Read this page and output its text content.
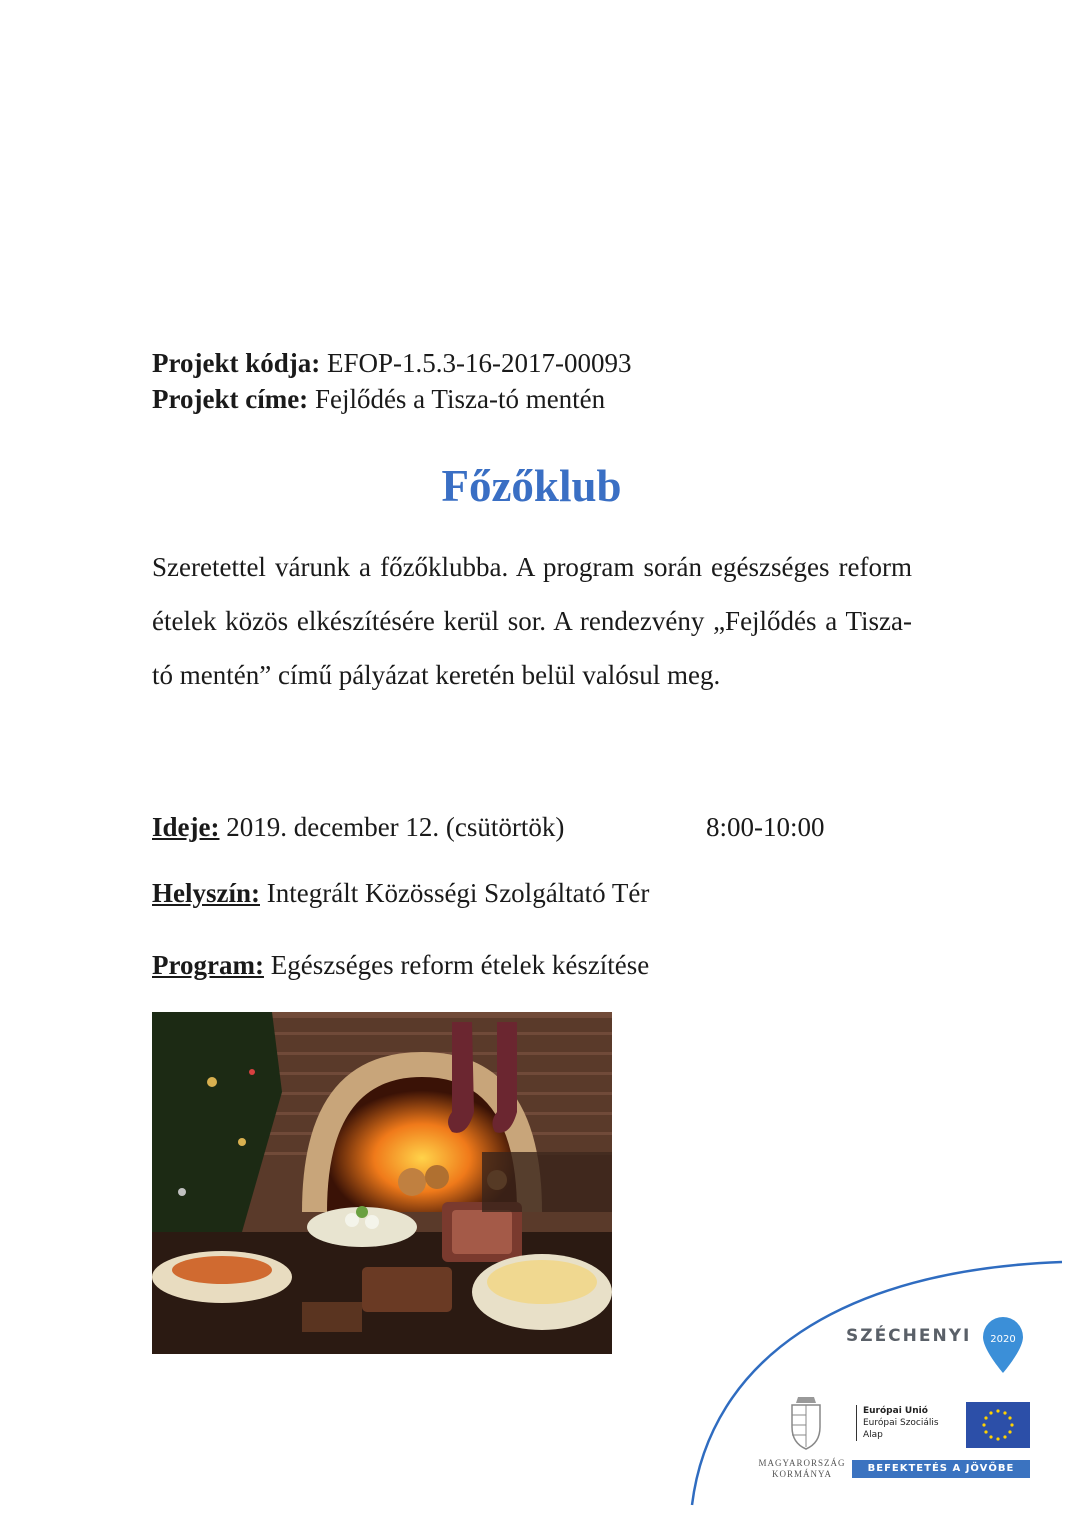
Projekt kódja: EFOP-1.5.3-16-2017-00093
Projekt címe: Fejlődés a Tisza-tó mentén
Főzőklub
Szeretettel várunk a főzőklubba. A program során egészséges reform ételek közös elkészítésére kerül sor. A rendezvény „Fejlődés a Tisza- tó mentén” című pályázat keretén belül valósul meg.
Ideje: 2019. december 12. (csütörtök)	8:00-10:00
Helyszín: Integrált Közösségi Szolgáltató Tér
Program: Egészséges reform ételek készítése
SZÉCHENYI 2020
MAGYARORSZÁG
KORMÁNYA
Európai Unió
Európai Szociális
Alap
BEFEKTETÉS A JÖVŐBE
